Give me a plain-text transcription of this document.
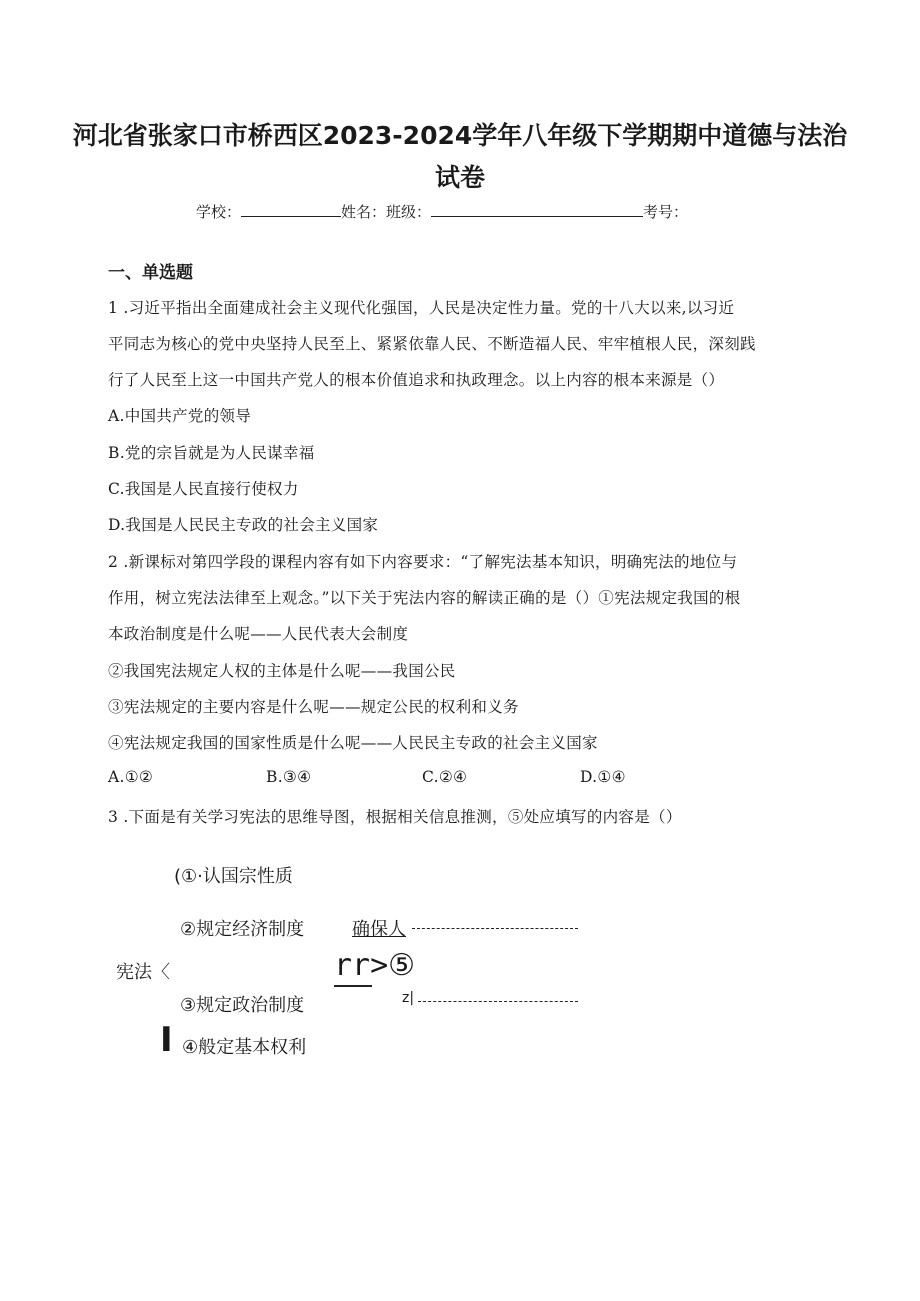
河北省张家口市桥西区2023-2024学年八年级下学期期中道德与法治
试卷
学校：	姓名：班级：	考号：
一、单选题
1 .习近平指出全面建成社会主义现代化强国，人民是决定性力量。党的十八大以来,以习近
平同志为核心的党中央坚持人民至上、紧紧依靠人民、不断造福人民、牢牢植根人民，深刻践
行了人民至上这一中国共产党人的根本价值追求和执政理念。以上内容的根本来源是（）
A.中国共产党的领导
B.党的宗旨就是为人民谋幸福
C.我国是人民直接行使权力
D.我国是人民民主专政的社会主义国家
2 .新课标对第四学段的课程内容有如下内容要求：“了解宪法基本知识，明确宪法的地位与
作用，树立宪法法律至上观念。”以下关于宪法内容的解读正确的是（）①宪法规定我国的根
本政治制度是什么呢——人民代表大会制度
②我国宪法规定人权的主体是什么呢——我国公民
③宪法规定的主要内容是什么呢——规定公民的权利和义务
④宪法规定我国的国家性质是什么呢——人民民主专政的社会主义国家
A.①②	B.③④	C.②④	D.①④
3 .下面是有关学习宪法的思维导图，根据相关信息推测，⑤处应填写的内容是（）
(①·认国宗性质
②规定经济制度	确保人
宪法〈	rr>⑤
③规定政治制度	z|
I ④般定基本权利
